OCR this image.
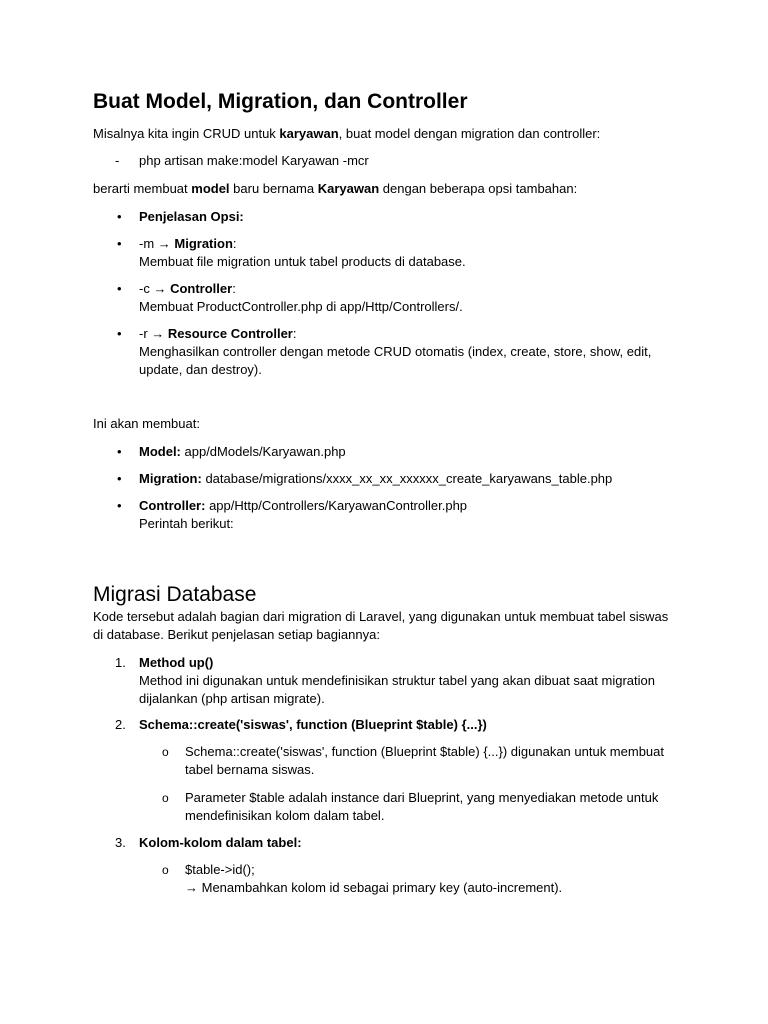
Buat Model, Migration, dan Controller

Misalnya kita ingin CRUD untuk karyawan, buat model dengan migration dan controller:

-	php artisan make:model Karyawan -mcr

berarti membuat model baru bernama Karyawan dengan beberapa opsi tambahan:

•	Penjelasan Opsi:

•	-m → Migration:
Membuat file migration untuk tabel products di database.
•	-c → Controller:
Membuat ProductController.php di app/Http/Controllers/.
•	-r → Resource Controller:
Menghasilkan controller dengan metode CRUD otomatis (index, create, store, show, edit, update, dan destroy).

Ini akan membuat:

•	Model: app/dModels/Karyawan.php

•	Migration: database/migrations/xxxx_xx_xx_xxxxxx_create_karyawans_table.php

•	Controller: app/Http/Controllers/KaryawanController.php
Perintah berikut:
Migrasi Database

Kode tersebut adalah bagian dari migration di Laravel, yang digunakan untuk membuat tabel siswas di database. Berikut penjelasan setiap bagiannya:

1.	Method up()
Method ini digunakan untuk mendefinisikan struktur tabel yang akan dibuat saat migration dijalankan (php artisan migrate).
2.	Schema::create('siswas', function (Blueprint $table) {...})

o	Schema::create('siswas', function (Blueprint $table) {...}) digunakan untuk membuat tabel bernama siswas.

o	Parameter $table adalah instance dari Blueprint, yang menyediakan metode untuk mendefinisikan kolom dalam tabel.

3.	Kolom-kolom dalam tabel:

o	$table->id();
→ Menambahkan kolom id sebagai primary key (auto-increment).
